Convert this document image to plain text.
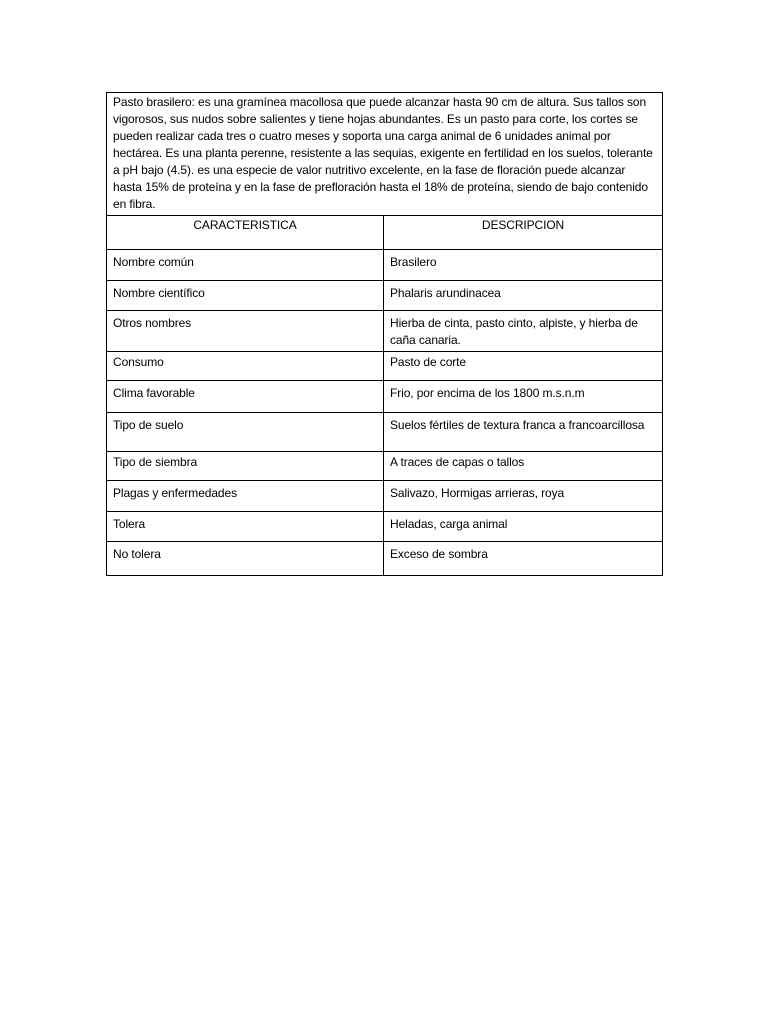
Pasto brasilero: es una gramínea macollosa que puede alcanzar hasta 90 cm de altura. Sus tallos son vigorosos, sus nudos sobre salientes y tiene hojas abundantes. Es un pasto para corte, los cortes se pueden realizar cada tres o cuatro meses y soporta una carga animal de 6 unidades animal por hectárea. Es una planta perenne, resistente a las sequias, exigente en fertilidad en los suelos, tolerante a pH bajo (4.5). es una especie de valor nutritivo excelente, en la fase de floración puede alcanzar hasta 15% de proteína y en la fase de prefloración hasta el 18% de proteína, siendo de bajo contenido en fibra.	
CARACTERISTICA	DESCRIPCION
Nombre común	Brasilero
Nombre científico	Phalaris arundinacea
Otros nombres	Hierba de cinta, pasto cinto, alpiste, y hierba de caña canaria.
Consumo	Pasto de corte
Clima favorable	Frio, por encima de los 1800 m.s.n.m
Tipo de suelo	Suelos fértiles de textura franca a francoarcillosa
Tipo de siembra	A traces de capas o tallos
Plagas y enfermedades	Salivazo, Hormigas arrieras, roya
Tolera	Heladas, carga animal
No tolera	Exceso de sombra
